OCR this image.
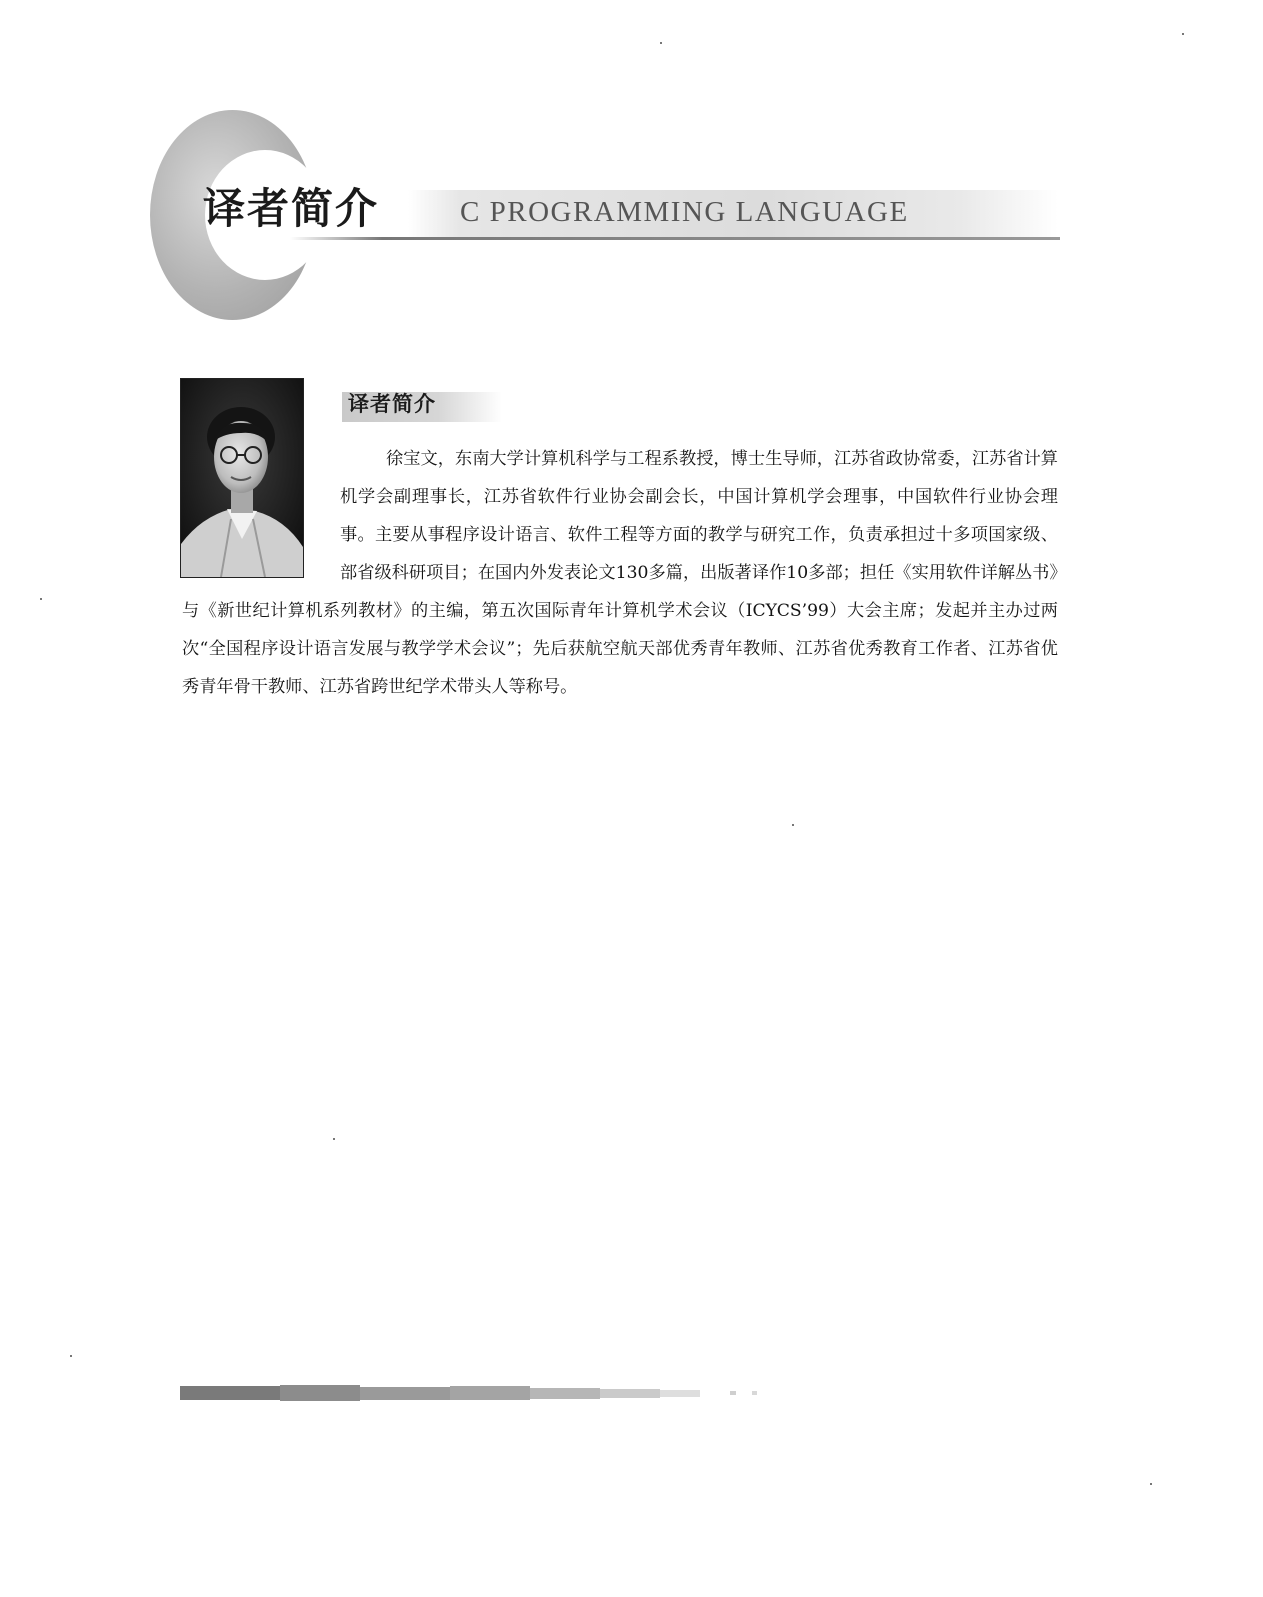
译者简介	C PROGRAMMING LANGUAGE
译者简介
徐宝文，东南大学计算机科学与工程系教授，博士生导师，江苏省政协常委，江苏省计算机学会副理事长，江苏省软件行业协会副会长，中国计算机学会理事，中国软件行业协会理事。主要从事程序设计语言、软件工程等方面的教学与研究工作，负责承担过十多项国家级、部省级科研项目；在国内外发表论文130多篇，出版著译作10多部；担任《实用软件详解丛书》与《新世纪计算机系列教材》的主编，第五次国际青年计算机学术会议（ICYCS’99）大会主席；发起并主办过两次“全国程序设计语言发展与教学学术会议”；先后获航空航天部优秀青年教师、江苏省优秀教育工作者、江苏省优秀青年骨干教师、江苏省跨世纪学术带头人等称号。
